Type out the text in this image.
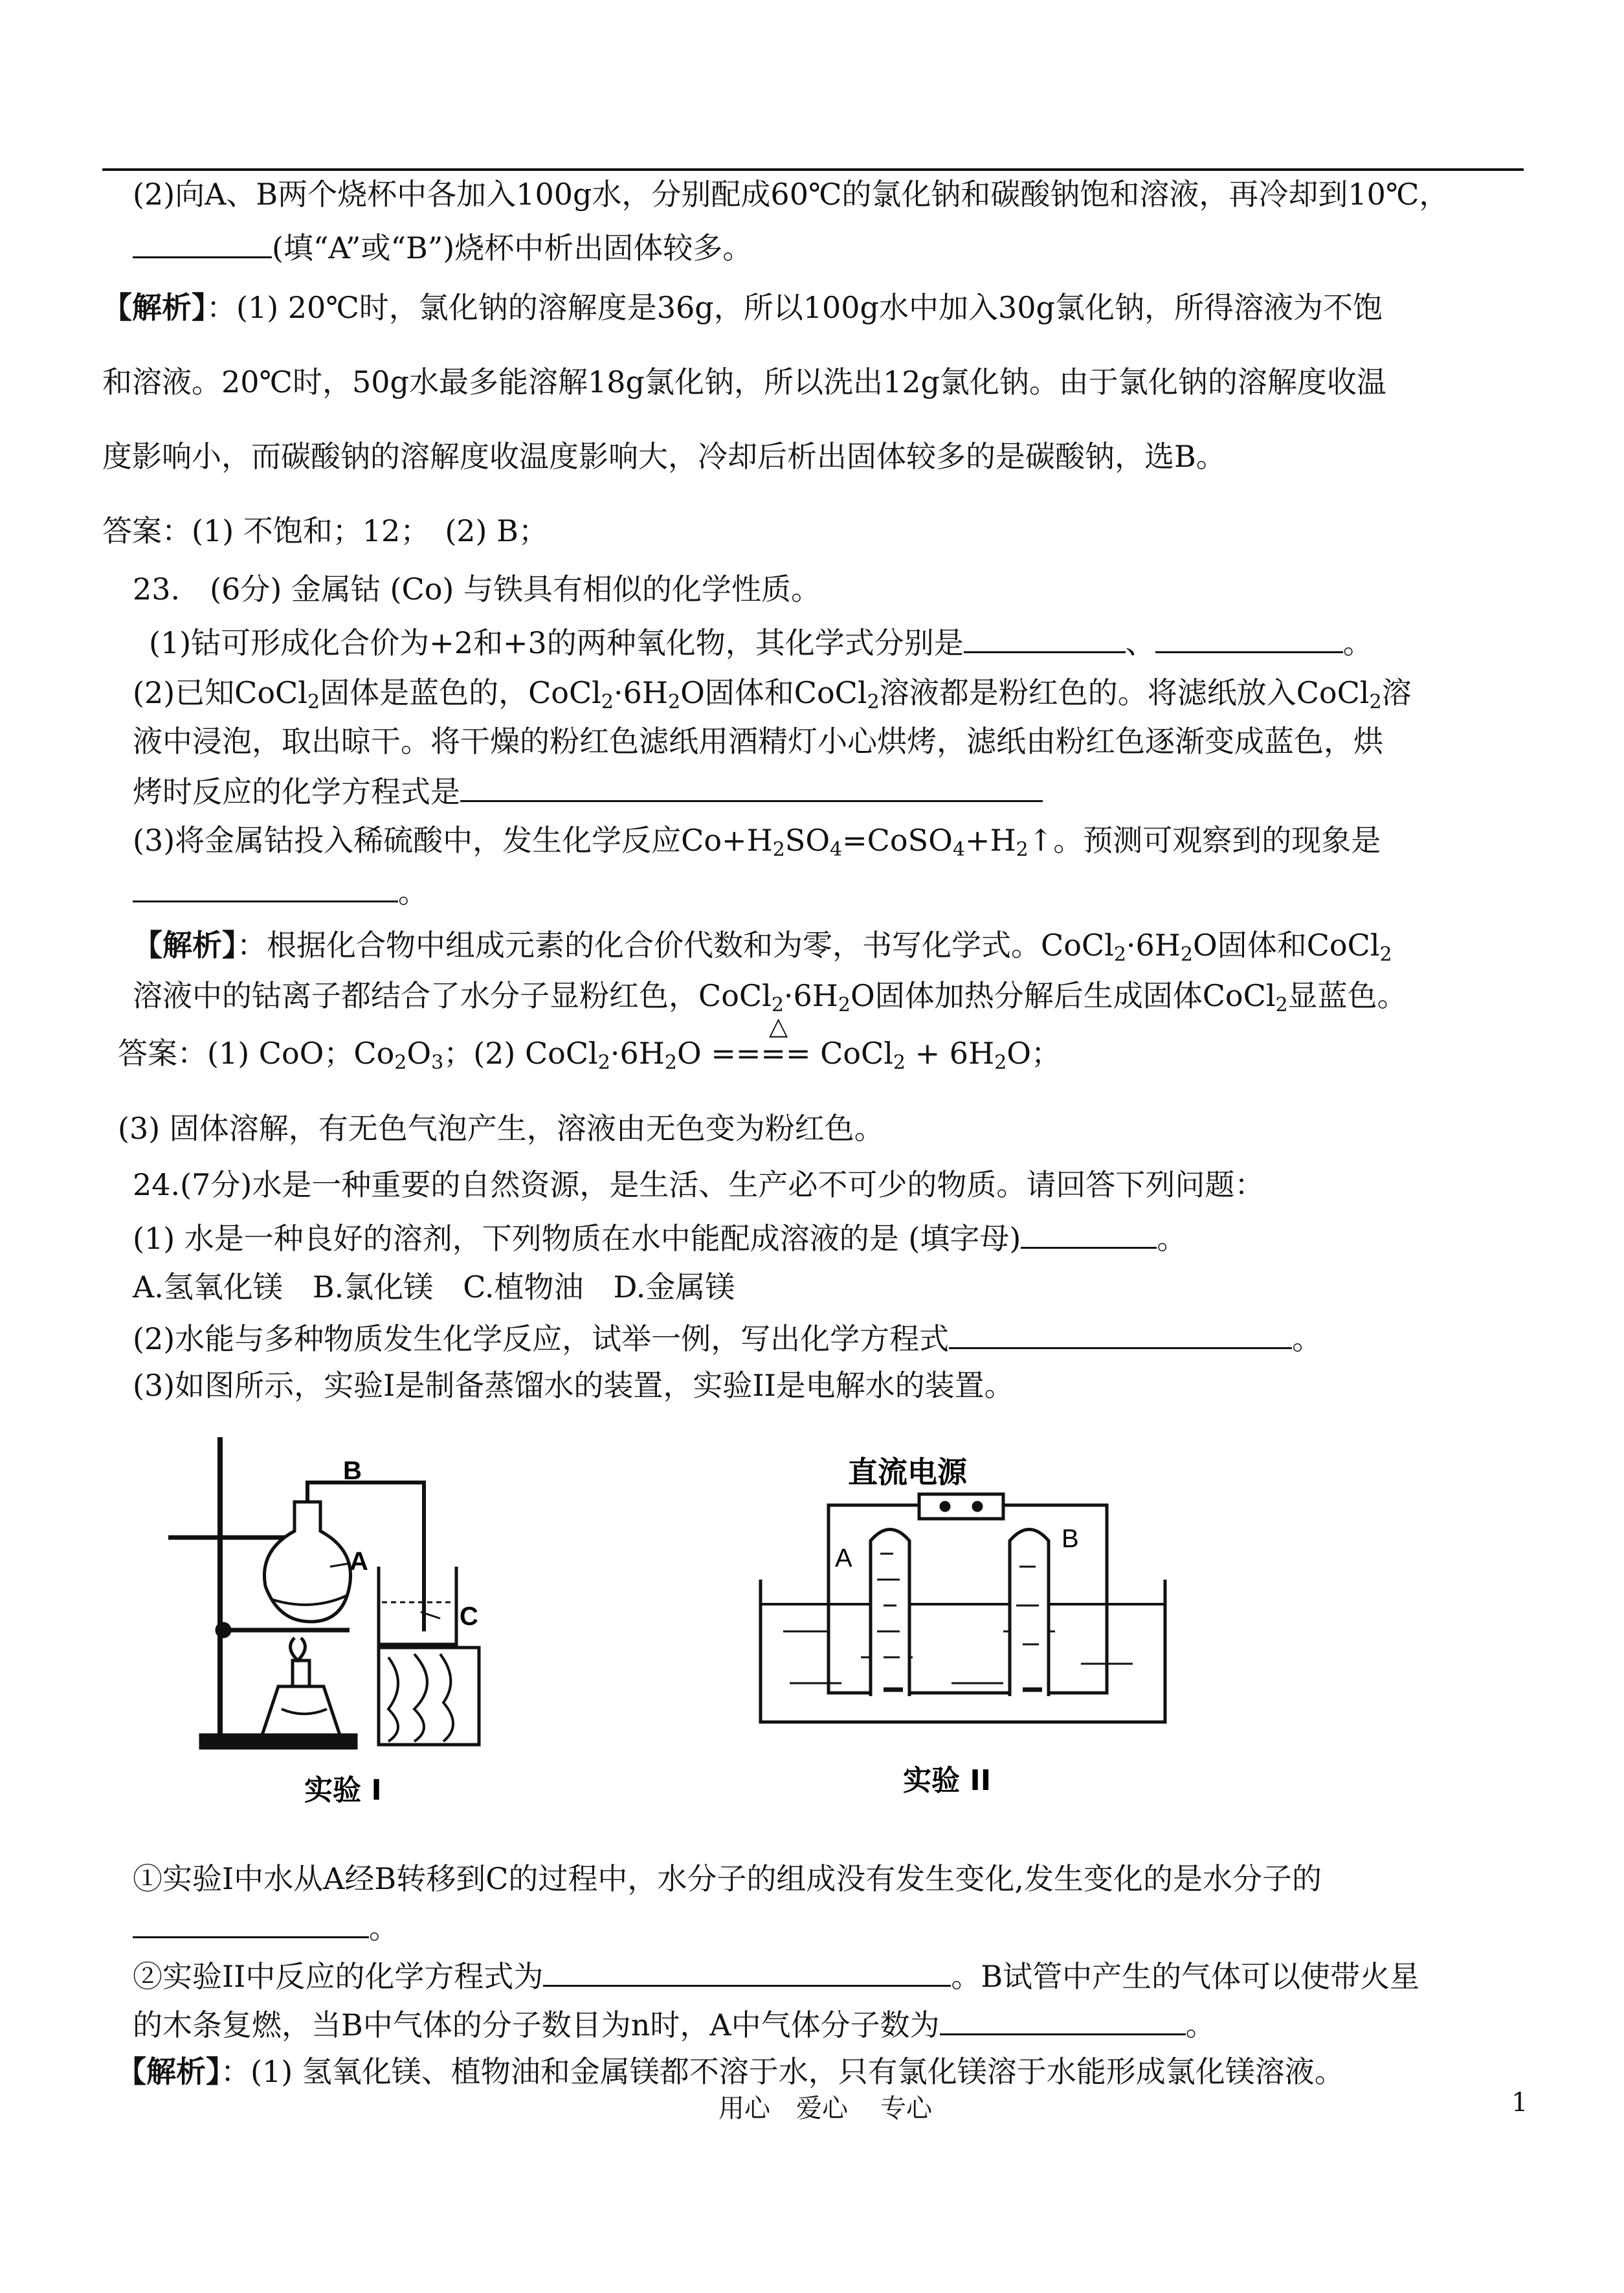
(2)向A、B两个烧杯中各加入100g水，分别配成60℃的氯化钠和碳酸钠饱和溶液，再冷却到10℃，
(填“A”或“B”)烧杯中析出固体较多。
【解析】：(1) 20℃时，氯化钠的溶解度是36g，所以100g水中加入30g氯化钠，所得溶液为不饱
和溶液。20℃时，50g水最多能溶解18g氯化钠，所以洗出12g氯化钠。由于氯化钠的溶解度收温
度影响小，而碳酸钠的溶解度收温度影响大，冷却后析出固体较多的是碳酸钠，选B。
答案：(1) 不饱和；12；　(2) B；
23.　(6分) 金属钴 (Co) 与铁具有相似的化学性质。
(1)钴可形成化合价为+2和+3的两种氧化物，其化学式分别是	、	。
(2)已知CoCl$_2$固体是蓝色的，$CoCl_2\cdot 6H_2O$固体和CoCl$_2$溶液都是粉红色的。将滤纸放入CoCl$_2$溶
液中浸泡，取出晾干。将干燥的粉红色滤纸用酒精灯小心烘烤，滤纸由粉红色逐渐变成蓝色，烘
烤时反应的化学方程式是
(3)将金属钴投入稀硫酸中，发生化学反应$Co+H_2SO_4=CoSO_4+H_2↑$。预测可观察到的现象是
。
【解析】：根据化合物中组成元素的化合价代数和为零，书写化学式。$CoCl_2\cdot 6H_2O$固体和CoCl$_2$
溶液中的钴离子都结合了水分子显粉红色，$CoCl_2\cdot 6H_2O$固体加热分解后生成固体CoCl$_2$显蓝色。
△
答案：(1) CoO；$Co_2O_3$；(2) $CoCl_2\cdot 6H_2O$ ==== CoCl$_2$ + $6H_2O$；
(3) 固体溶解，有无色气泡产生，溶液由无色变为粉红色。
24.(7分)水是一种重要的自然资源，是生活、生产必不可少的物质。请回答下列问题：
(1) 水是一种良好的溶剂，下列物质在水中能配成溶液的是 (填字母)	。
A.氢氧化镁　B.氯化镁　C.植物油　D.金属镁
(2)水能与多种物质发生化学反应，试举一例，写出化学方程式	。
(3)如图所示，实验I是制备蒸馏水的装置，实验II是电解水的装置。
B
A
C
实验 I
直流电源
A
B
实验 II
①实验I中水从A经B转移到C的过程中，水分子的组成没有发生变化,发生变化的是水分子的
。
②实验II中反应的化学方程式为	。B试管中产生的气体可以使带火星
的木条复燃，当B中气体的分子数目为n时，A中气体分子数为	。
【解析】：(1) 氢氧化镁、植物油和金属镁都不溶于水，只有氯化镁溶于水能形成氯化镁溶液。
用心 爱心 专心	1
